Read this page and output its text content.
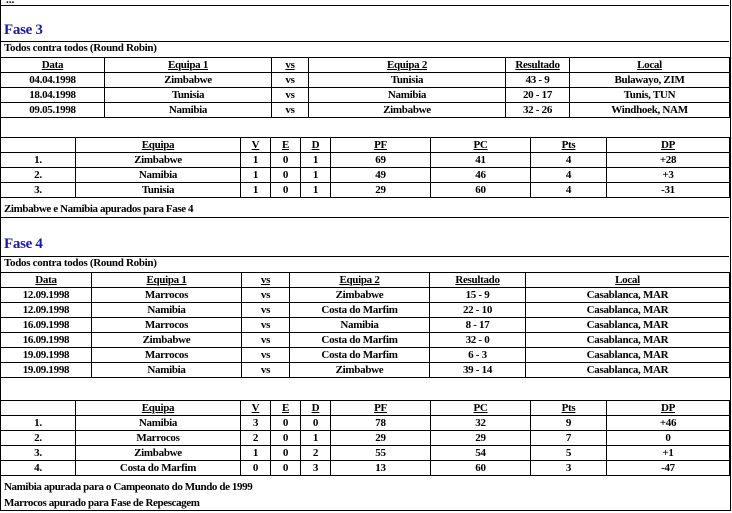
...
Fase 3
Todos contra todos (Round Robin)
Data	Equipa 1	vs	Equipa 2	Resultado	Local
04.04.1998	Zimbabwe	vs	Tunisia	43 - 9	Bulawayo, ZIM
18.04.1998	Tunisia	vs	Namibia	20 - 17	Tunis, TUN
09.05.1998	Namibia	vs	Zimbabwe	32 - 26	Windhoek, NAM
	Equipa	V	E	D	PF	PC	Pts	DP
1.	Zimbabwe	1	0	1	69	41	4	+28
2.	Namibia	1	0	1	49	46	4	+3
3.	Tunisia	1	0	1	29	60	4	-31
Zimbabwe e Namibia apurados para Fase 4
Fase 4
Todos contra todos (Round Robin)
Data	Equipa 1	vs	Equipa 2	Resultado	Local
12.09.1998	Marrocos	vs	Zimbabwe	15 - 9	Casablanca, MAR
12.09.1998	Namibia	vs	Costa do Marfim	22 - 10	Casablanca, MAR
16.09.1998	Marrocos	vs	Namibia	8 - 17	Casablanca, MAR
16.09.1998	Zimbabwe	vs	Costa do Marfim	32 - 0	Casablanca, MAR
19.09.1998	Marrocos	vs	Costa do Marfim	6 - 3	Casablanca, MAR
19.09.1998	Namibia	vs	Zimbabwe	39 - 14	Casablanca, MAR
	Equipa	V	E	D	PF	PC	Pts	DP
1.	Namibia	3	0	0	78	32	9	+46
2.	Marrocos	2	0	1	29	29	7	0
3.	Zimbabwe	1	0	2	55	54	5	+1
4.	Costa do Marfim	0	0	3	13	60	3	-47
Namibia apurada para o Campeonato do Mundo de 1999
Marrocos apurado para Fase de Repescagem
